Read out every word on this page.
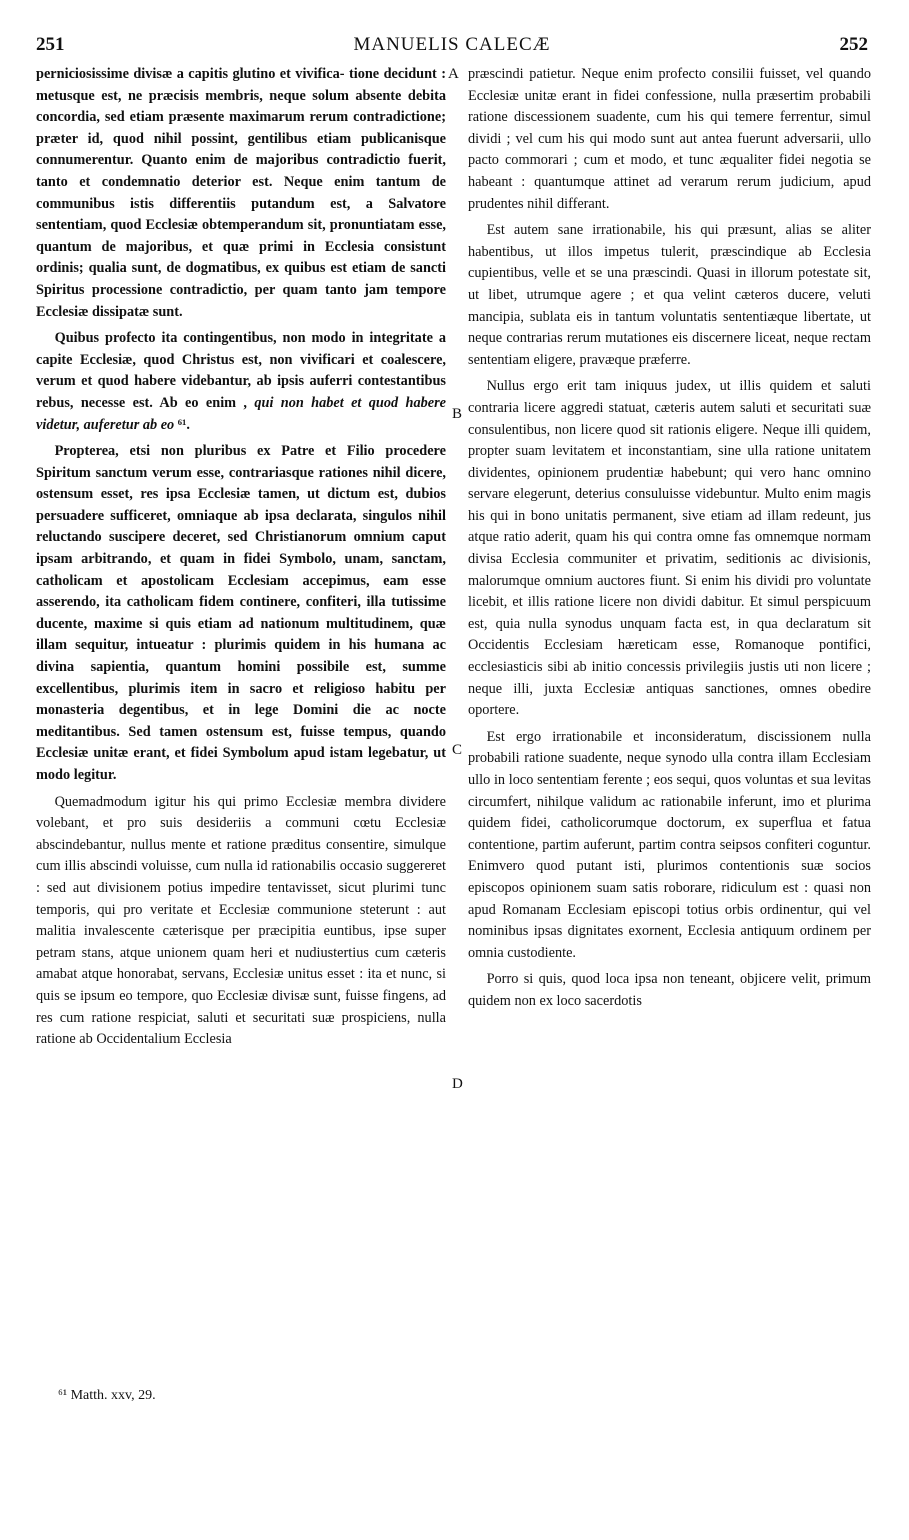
251	MANUELIS CALECÆ	252
A
B
C
D

perniciosissime divisæ a capitis glutino et vivifica- tione decidunt : metusque est, ne præcisis membris, neque solum absente debita concordia, sed etiam præsente maximarum rerum contradictione; præter id, quod nihil possint, gentilibus etiam publicanisque connumerentur. Quanto enim de majoribus contradictio fuerit, tanto et condemnatio deterior est. Neque enim tantum de communibus istis differentiis putandum est, a Salvatore sententiam, quod Ecclesiæ obtemperandum sit, pronuntiatam esse, quantum de majoribus, et quæ primi in Ecclesia consistunt ordinis; qualia sunt, de dogmatibus, ex quibus est etiam de sancti Spiritus processione contradictio, per quam tanto jam tempore Ecclesiæ dissipatæ sunt.

Quibus profecto ita contingentibus, non modo in integritate a capite Ecclesiæ, quod Christus est, non vivificari et coalescere, verum et quod habere videbantur, ab ipsis auferri contestantibus rebus, necesse est. Ab eo enim , qui non habet et quod habere videtur, auferetur ab eo ⁶¹.

Propterea, etsi non pluribus ex Patre et Filio procedere Spiritum sanctum verum esse, contrariasque rationes nihil dicere, ostensum esset, res ipsa Ecclesiæ tamen, ut dictum est, dubios persuadere sufficeret, omniaque ab ipsa declarata, singulos nihil reluctando suscipere deceret, sed Christianorum omnium caput ipsam arbitrando, et quam in fidei Symbolo, unam, sanctam, catholicam et apostolicam Ecclesiam accepimus, eam esse asserendo, ita catholicam fidem continere, confiteri, illa tutissime ducente, maxime si quis etiam ad nationum multitudinem, quæ illam sequitur, intueatur : plurimis quidem in his humana ac divina sapientia, quantum homini possibile est, summe excellentibus, plurimis item in sacro et religioso habitu per monasteria degentibus, et in lege Domini die ac nocte meditantibus. Sed tamen ostensum est, fuisse tempus, quando Ecclesiæ unitæ erant, et fidei Symbolum apud istam legebatur, ut modo legitur.

Quemadmodum igitur his qui primo Ecclesiæ membra dividere volebant, et pro suis desideriis a communi cœtu Ecclesiæ abscindebantur, nullus mente et ratione præditus consentire, simulque cum illis abscindi voluisse, cum nulla id rationabilis occasio suggereret : sed aut divisionem potius impedire tentavisset, sicut plurimi tunc temporis, qui pro veritate et Ecclesiæ communione steterunt : aut malitia invalescente cæterisque per præcipitia euntibus, ipse super petram stans, atque unionem quam heri et nudiustertius cum cæteris amabat atque honorabat, servans, Ecclesiæ unitus esset : ita et nunc, si quis se ipsum eo tempore, quo Ecclesiæ divisæ sunt, fuisse fingens, ad res cum ratione respiciat, saluti et securitati suæ prospiciens, nulla ratione ab Occidentalium Ecclesia

præscindi patietur. Neque enim profecto consilii fuisset, vel quando Ecclesiæ unitæ erant in fidei confessione, nulla præsertim probabili ratione discessionem suadente, cum his qui temere ferrentur, simul dividi ; vel cum his qui modo sunt aut antea fuerunt adversarii, ullo pacto commorari ; cum et modo, et tunc æqualiter fidei negotia se habeant : quantumque attinet ad verarum rerum judicium, apud prudentes nihil differant.

Est autem sane irrationabile, his qui præsunt, alias se aliter habentibus, ut illos impetus tulerit, præscindique ab Ecclesia cupientibus, velle et se una præscindi. Quasi in illorum potestate sit, ut libet, utrumque agere ; et qua velint cæteros ducere, veluti mancipia, sublata eis in tantum voluntatis sententiæque libertate, ut neque contrarias rerum mutationes eis discernere liceat, neque rectam sententiam eligere, pravæque præferre.

Nullus ergo erit tam iniquus judex, ut illis quidem et saluti contraria licere aggredi statuat, cæteris autem saluti et securitati suæ consulentibus, non licere quod sit rationis eligere. Neque illi quidem, propter suam levitatem et inconstantiam, sine ulla ratione unitatem dividentes, opinionem prudentiæ habebunt; qui vero hanc omnino servare elegerunt, deterius consuluisse videbuntur. Multo enim magis his qui in bono unitatis permanent, sive etiam ad illam redeunt, jus atque ratio aderit, quam his qui contra omne fas omnemque normam divisa Ecclesia communiter et privatim, seditionis ac divisionis, malorumque omnium auctores fiunt. Si enim his dividi pro voluntate licebit, et illis ratione licere non dividi dabitur. Et simul perspicuum est, quia nulla synodus unquam facta est, in qua declaratum sit Occidentis Ecclesiam hæreticam esse, Romanoque pontifici, ecclesiasticis sibi ab initio concessis privilegiis justis uti non licere ; neque illi, juxta Ecclesiæ antiquas sanctiones, omnes obedire oportere.

Est ergo irrationabile et inconsideratum, discissionem nulla probabili ratione suadente, neque synodo ulla contra illam Ecclesiam ullo in loco sententiam ferente ; eos sequi, quos voluntas et sua levitas circumfert, nihilque validum ac rationabile inferunt, imo et plurima quidem fidei, catholicorumque doctorum, ex superflua et fatua contentione, partim auferunt, partim contra seipsos confiteri coguntur. Enimvero quod putant isti, plurimos contentionis suæ socios episcopos opinionem suam satis roborare, ridiculum est : quasi non apud Romanam Ecclesiam episcopi totius orbis ordinentur, qui vel nominibus ipsas dignitates exornent, Ecclesia antiquum ordinem per omnia custodiente.

Porro si quis, quod loca ipsa non teneant, objicere velit, primum quidem non ex loco sacerdotis

⁶¹ Matth. xxv, 29.
